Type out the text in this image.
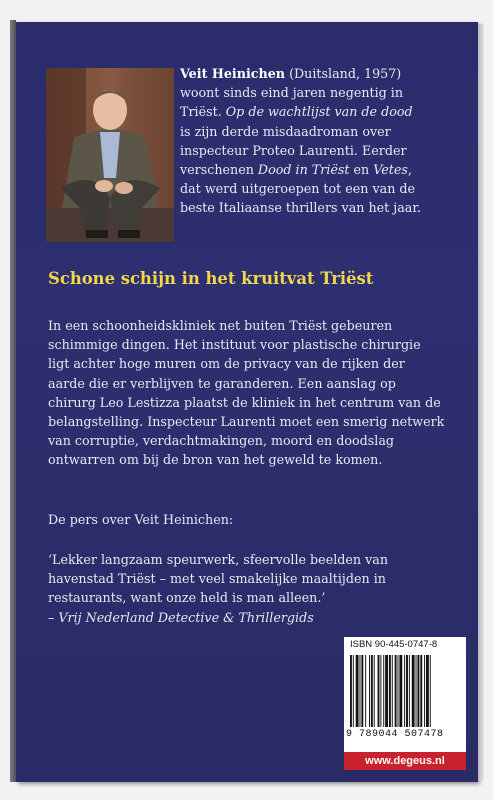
Veit Heinichen (Duitsland, 1957)
woont sinds eind jaren negentig in
Triëst. Op de wachtlijst van de dood
is zijn derde misdaadroman over
inspecteur Proteo Laurenti. Eerder
verschenen Dood in Triëst en Vetes,
dat werd uitgeroepen tot een van de
beste Italiaanse thrillers van het jaar.
Schone schijn in het kruitvat Triëst
In een schoonheidskliniek net buiten Triëst gebeuren
schimmige dingen. Het instituut voor plastische chirurgie
ligt achter hoge muren om de privacy van de rijken der
aarde die er verblijven te garanderen. Een aanslag op
chirurg Leo Lestizza plaatst de kliniek in het centrum van de
belangstelling. Inspecteur Laurenti moet een smerig netwerk
van corruptie, verdachtmakingen, moord en doodslag
ontwarren om bij de bron van het geweld te komen.
De pers over Veit Heinichen:
‘Lekker langzaam speurwerk, sfeervolle beelden van
havenstad Triëst – met veel smakelijke maaltijden in
restaurants, want onze held is man alleen.’
– Vrij Nederland Detective & Thrillergids
ISBN 90-445-0747-8
9 789044 507478
www.degeus.nl
